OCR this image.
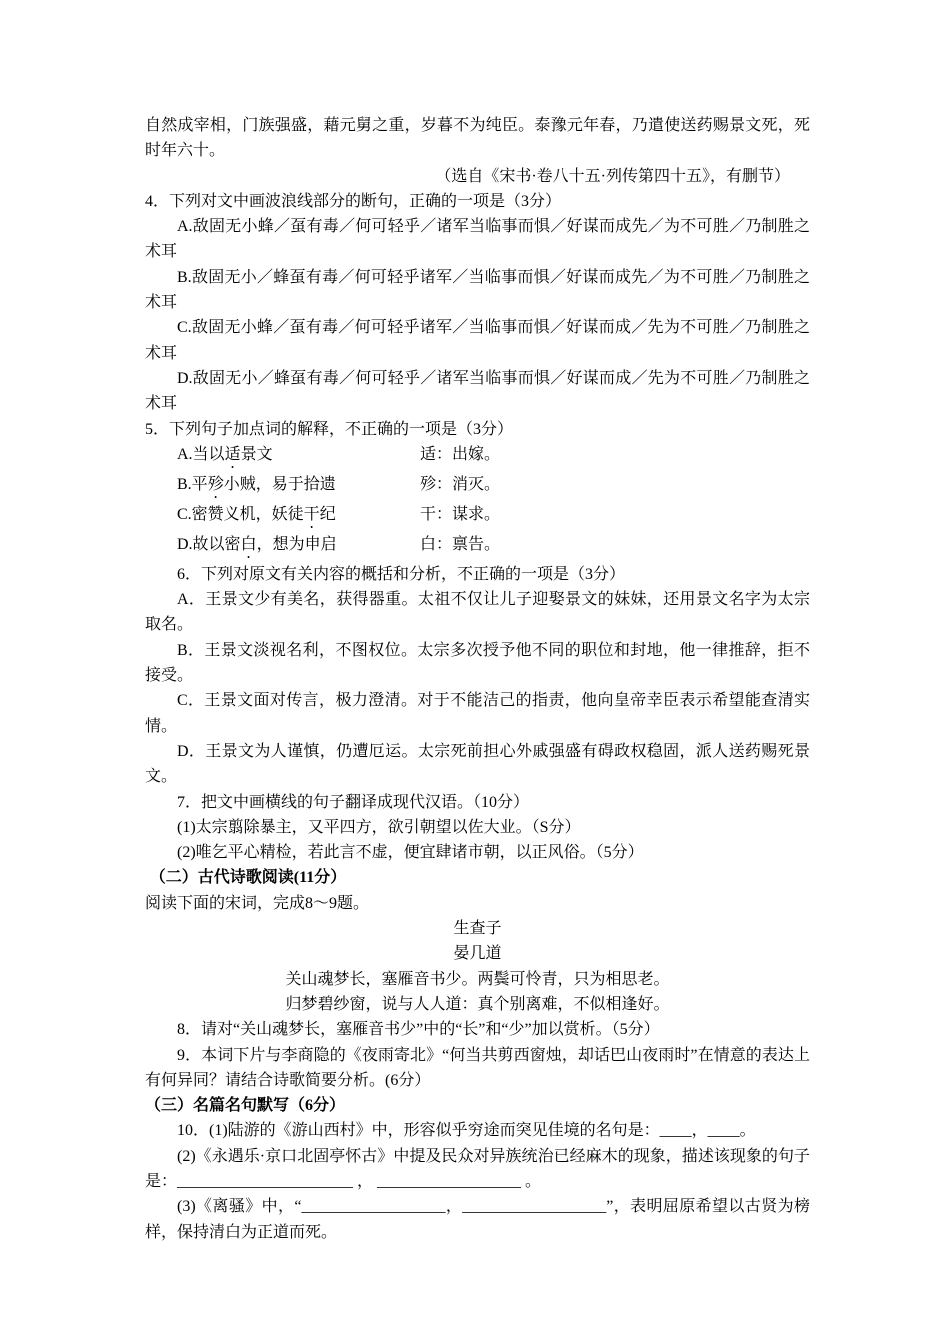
自然成宰相，门族强盛，藉元舅之重，岁暮不为纯臣。泰豫元年春，乃遣使送药赐景文死，死时年六十。

（选自《宋书·卷八十五·列传第四十五》，有删节）

4．下列对文中画波浪线部分的断句，正确的一项是（3分）

A.敌固无小蜂／虿有毒／何可轻乎／诸军当临事而惧／好谋而成先／为不可胜／乃制胜之术耳

B.敌固无小／蜂虿有毒／何可轻乎诸军／当临事而惧／好谋而成先／为不可胜／乃制胜之术耳

C.敌固无小蜂／虿有毒／何可轻乎诸军／当临事而惧／好谋而成／先为不可胜／乃制胜之术耳

D.敌固无小／蜂虿有毒／何可轻乎／诸军当临事而惧／好谋而成／先为不可胜／乃制胜之术耳

5．下列句子加点词的解释，不正确的一项是（3分）

A.当以适景文	适：出嫁。

B.平殄小贼，易于拾遗	殄：消灭。

C.密赞义机，妖徒干纪	干：谋求。

D.故以密白，想为申启	白：禀告。

6．下列对原文有关内容的概括和分析，不正确的一项是（3分）

A．王景文少有美名，获得器重。太祖不仅让儿子迎娶景文的妹妹，还用景文名字为太宗取名。

B．王景文淡视名利，不图权位。太宗多次授予他不同的职位和封地，他一律推辞，拒不接受。

C．王景文面对传言，极力澄清。对于不能洁己的指责，他向皇帝幸臣表示希望能查清实情。

D．王景文为人谨慎，仍遭厄运。太宗死前担心外戚强盛有碍政权稳固，派人送药赐死景文。

7．把文中画横线的句子翻译成现代汉语。（10分）

(1)太宗翦除暴主，又平四方，欲引朝望以佐大业。（S分）

(2)唯乞平心精检，若此言不虚，便宜肆诸市朝，以正风俗。（5分）

（二）古代诗歌阅读(11分）

阅读下面的宋词，完成8～9题。

生查子

晏几道

关山魂梦长，塞雁音书少。两鬓可怜青，只为相思老。

归梦碧纱窗，说与人人道：真个别离难，不似相逢好。

8．请对“关山魂梦长，塞雁音书少”中的“长”和“少”加以赏析。（5分）

9．本词下片与李商隐的《夜雨寄北》“何当共剪西窗烛，却话巴山夜雨时”在情意的表达上有何异同？请结合诗歌简要分析。(6分）

（三）名篇名句默写（6分）

10．(1)陆游的《游山西村》中，形容似乎穷途而突见佳境的名句是：____，____。

(2)《永遇乐·京口北固亭怀古》中提及民众对异族统治已经麻木的现象，描述该现象的句子是：______________________ ， __________________ 。

(3)《离骚》中，“__________________，__________________”，表明屈原希望以古贤为榜样，保持清白为正道而死。
